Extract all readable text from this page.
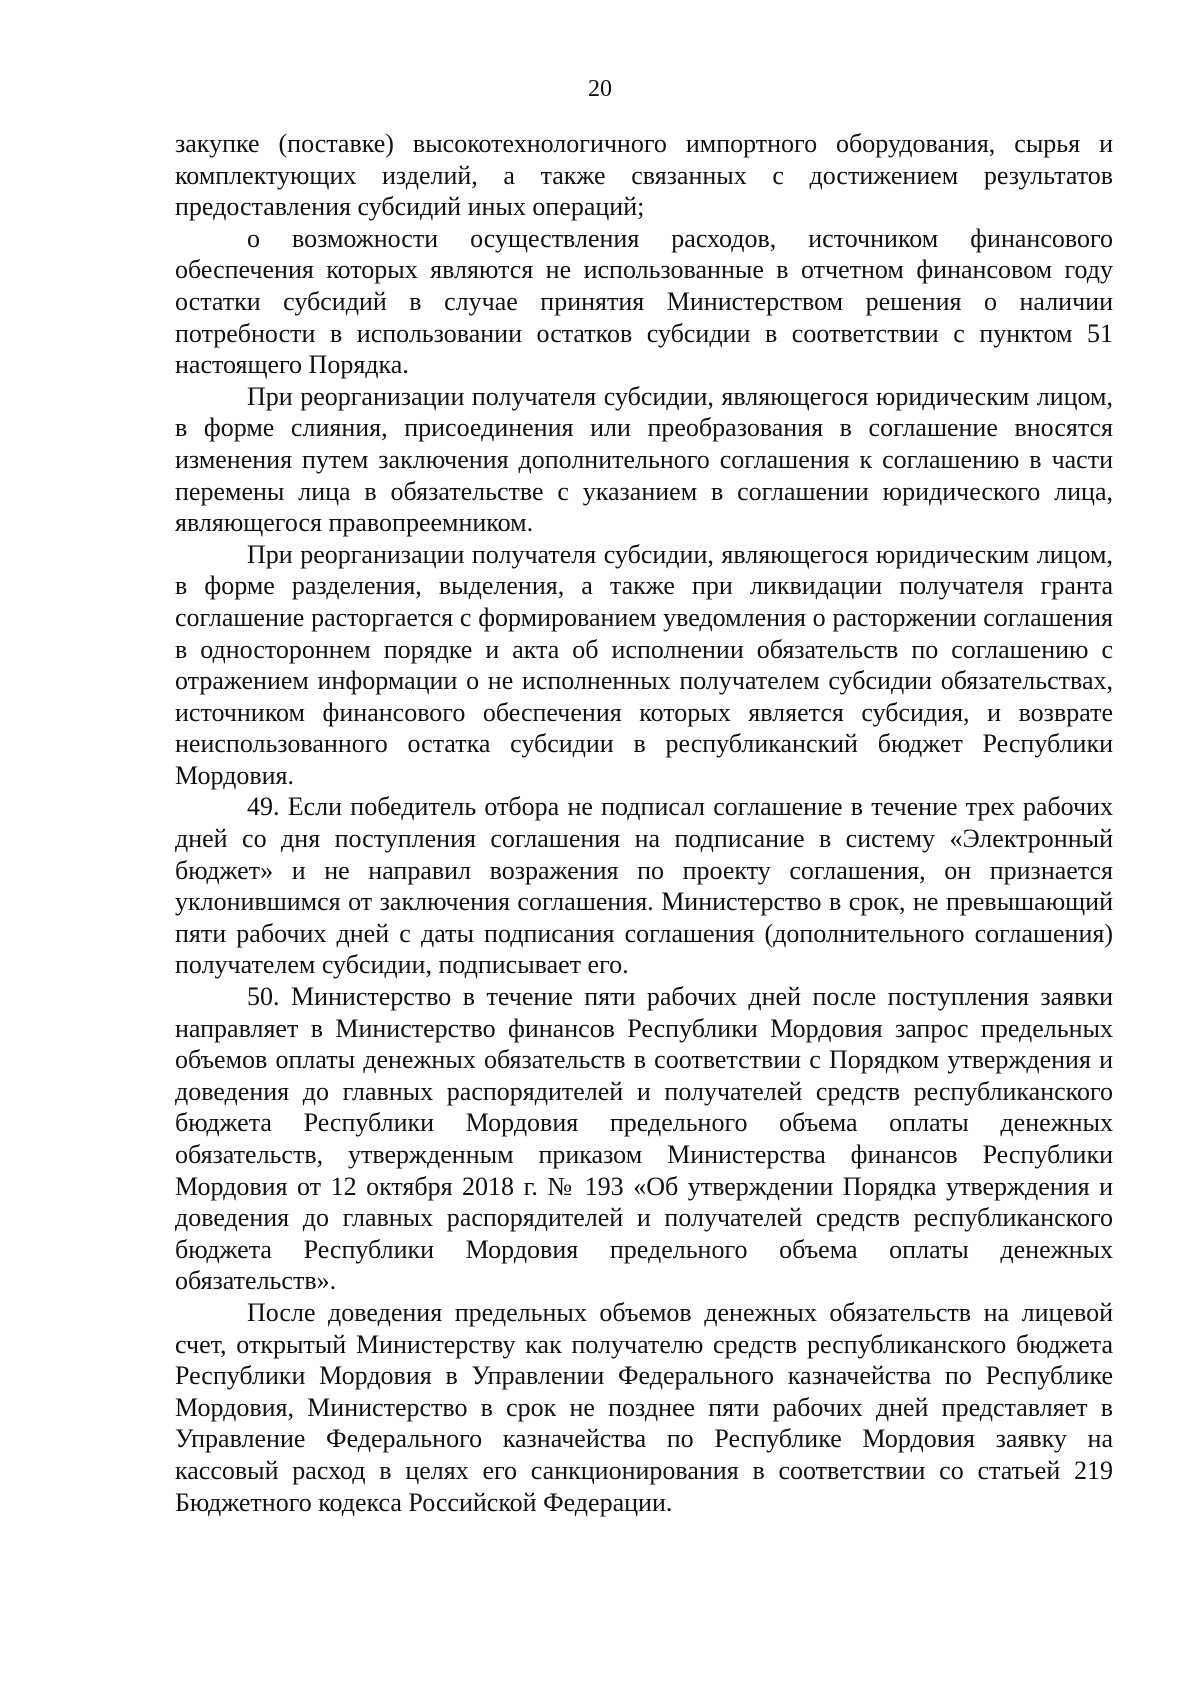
20

закупке (поставке) высокотехнологичного импортного оборудования, сырья и комплектующих изделий, а также связанных с достижением результатов предоставления субсидий иных операций;

о возможности осуществления расходов, источником финансового обеспечения которых являются не использованные в отчетном финансовом году остатки субсидий в случае принятия Министерством решения о наличии потребности в использовании остатков субсидии в соответствии с пунктом 51 настоящего Порядка.

При реорганизации получателя субсидии, являющегося юридическим лицом, в форме слияния, присоединения или преобразования в соглашение вносятся изменения путем заключения дополнительного соглашения к соглашению в части перемены лица в обязательстве с указанием в соглашении юридического лица, являющегося правопреемником.

При реорганизации получателя субсидии, являющегося юридическим лицом, в форме разделения, выделения, а также при ликвидации получателя гранта соглашение расторгается с формированием уведомления о расторжении соглашения в одностороннем порядке и акта об исполнении обязательств по соглашению с отражением информации о не исполненных получателем субсидии обязательствах, источником финансового обеспечения которых является субсидия, и возврате неиспользованного остатка субсидии в республиканский бюджет Республики Мордовия.

49. Если победитель отбора не подписал соглашение в течение трех рабочих дней со дня поступления соглашения на подписание в систему «Электронный бюджет» и не направил возражения по проекту соглашения, он признается уклонившимся от заключения соглашения. Министерство в срок, не превышающий пяти рабочих дней с даты подписания соглашения (дополнительного соглашения) получателем субсидии, подписывает его.

50. Министерство в течение пяти рабочих дней после поступления заявки направляет в Министерство финансов Республики Мордовия запрос предельных объемов оплаты денежных обязательств в соответствии с Порядком утверждения и доведения до главных распорядителей и получателей средств республиканского бюджета Республики Мордовия предельного объема оплаты денежных обязательств, утвержденным приказом Министерства финансов Республики Мордовия от 12 октября 2018 г. № 193 «Об утверждении Порядка утверждения и доведения до главных распорядителей и получателей средств республиканского бюджета Республики Мордовия предельного объема оплаты денежных обязательств».

После доведения предельных объемов денежных обязательств на лицевой счет, открытый Министерству как получателю средств республиканского бюджета Республики Мордовия в Управлении Федерального казначейства по Республике Мордовия, Министерство в срок не позднее пяти рабочих дней представляет в Управление Федерального казначейства по Республике Мордовия заявку на кассовый расход в целях его санкционирования в соответствии со статьей 219 Бюджетного кодекса Российской Федерации.
